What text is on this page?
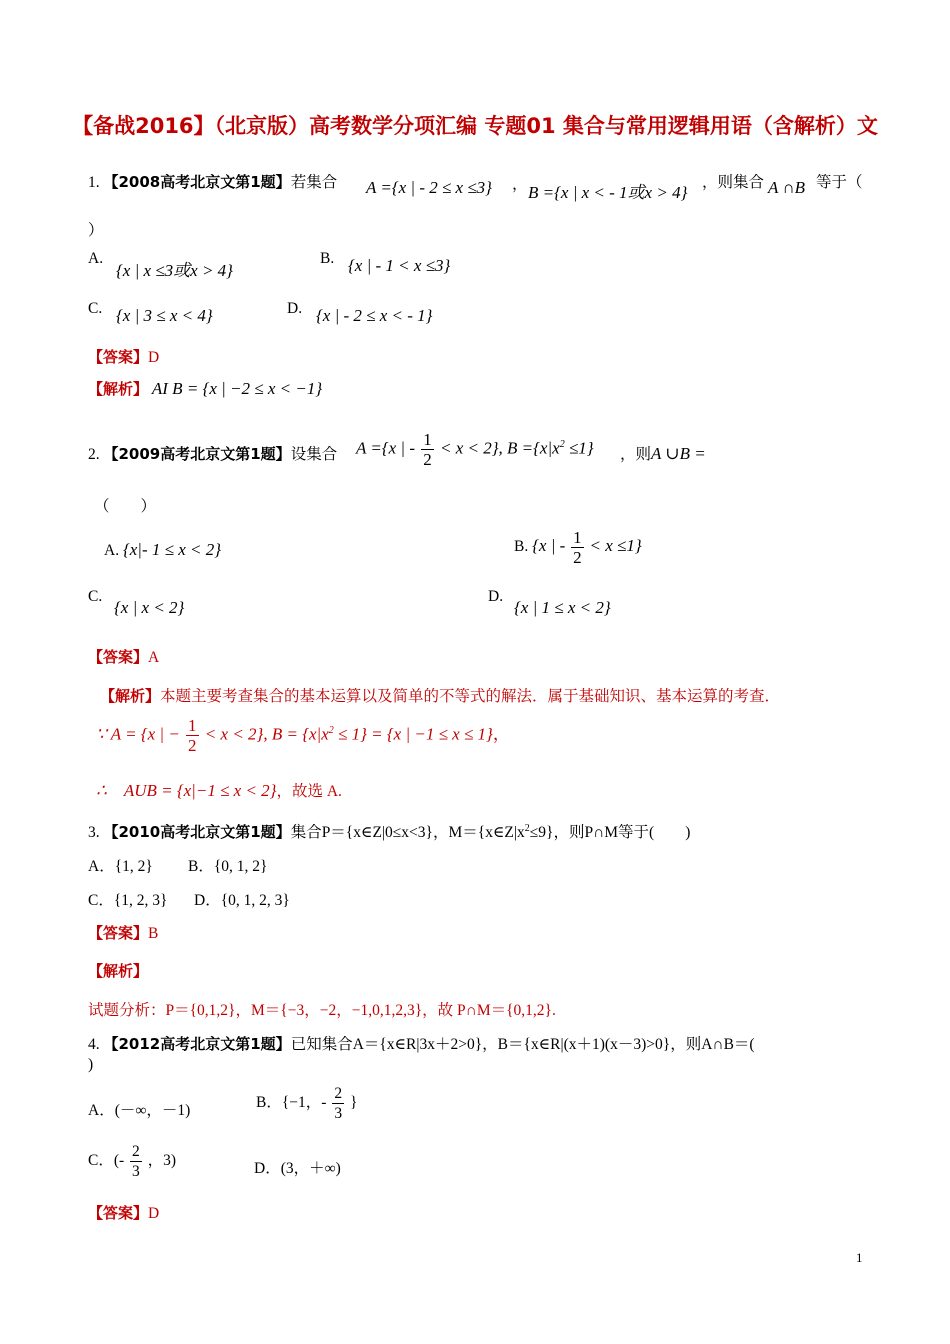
【备战2016】（北京版）高考数学分项汇编 专题01 集合与常用逻辑用语（含解析）文
1. 【2008高考北京文第1题】若集合 A ={x | - 2 ≤ x ≤3} ， B ={x | x < - 1或x > 4}
，则集合 A ∩B 等于（
）
A.
{x | x ≤3或x > 4}
B. {x | - 1 < x ≤3}
C. {x | 3 ≤ x < 4}	D. {x | - 2 ≤ x < - 1}
【答案】D
【解析】 AI B = {x | −2 ≤ x < −1}
2. 【2009高考北京文第1题】设集合 A ={x | - $\frac{1}{2} < x < 2$}, $B =\{x|x^2 \le 1\}$ ，则A ∪B =
（　　）
A. {x|- 1 ≤ x < 2}	B. {x | - $\frac{1}{2} < x \le 1$}
C.
{x | x < 2}
D.
{x | 1 ≤ x < 2}
【答案】A
【解析】本题主要考查集合的基本运算以及简单的不等式的解法．属于基础知识、基本运算的考查．
∵ A = {x | − $\frac{1}{2} < x < 2$}, $B = \{x|x^2 \le 1\} = \{x$ | −1 ≤ x ≤ 1}，
∴　AUB = {x|−1 ≤ x < 2}，故选 A.
3. 【2010高考北京文第1题】集合P＝{x∈Z|0≤x<3}，$M=\{x\in Z|x^2\le 9\}$，则P∩M等于(　　)
A．{1, 2} B．{0, 1, 2}
C．{1, 2, 3} D．{0, 1, 2, 3}
【答案】B
【解析】
试题分析：P＝{0,1,2}，M＝{−3，−2，−1,0,1,2,3}，故 P∩M＝{0,1,2}.
4. 【2012高考北京文第1题】已知集合A＝{x∈R|3x＋2>0}，B＝{x∈R|(x＋1)(x－3)>0}，则A∩B＝(
)
A．(－∞，－1)	B．{−1，- $\frac{2}{3}$ }
C．(- $\frac{2}{3}$ ，3)	D．(3，＋∞)
【答案】D
1
